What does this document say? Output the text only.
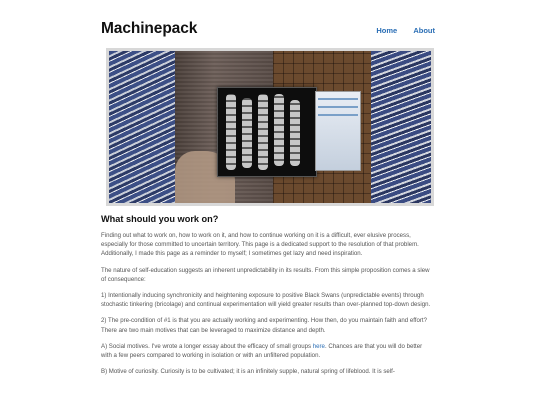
Machinepack	Home About
What should you work on?

Finding out what to work on, how to work on it, and how to continue working on it is a difficult, ever elusive process, especially for those committed to uncertain territory. This page is a dedicated support to the resolution of that problem. Additionally, I made this page as a reminder to myself; I sometimes get lazy and need inspiration.

The nature of self-education suggests an inherent unpredictability in its results. From this simple proposition comes a slew of consequence:

1) Intentionally inducing synchronicity and heightening exposure to positive Black Swans (unpredictable events) through stochastic tinkering (bricolage) and continual experimentation will yield greater results than over-planned top-down design.

2) The pre-condition of #1 is that you are actually working and experimenting. How then, do you maintain faith and effort? There are two main motives that can be leveraged to maximize distance and depth.

A) Social motives. I've wrote a longer essay about the efficacy of small groups here. Chances are that you will do better with a few peers compared to working in isolation or with an unfiltered population.

B) Motive of curiosity. Curiosity is to be cultivated; it is an infinitely supple, natural spring of lifeblood. It is self-
